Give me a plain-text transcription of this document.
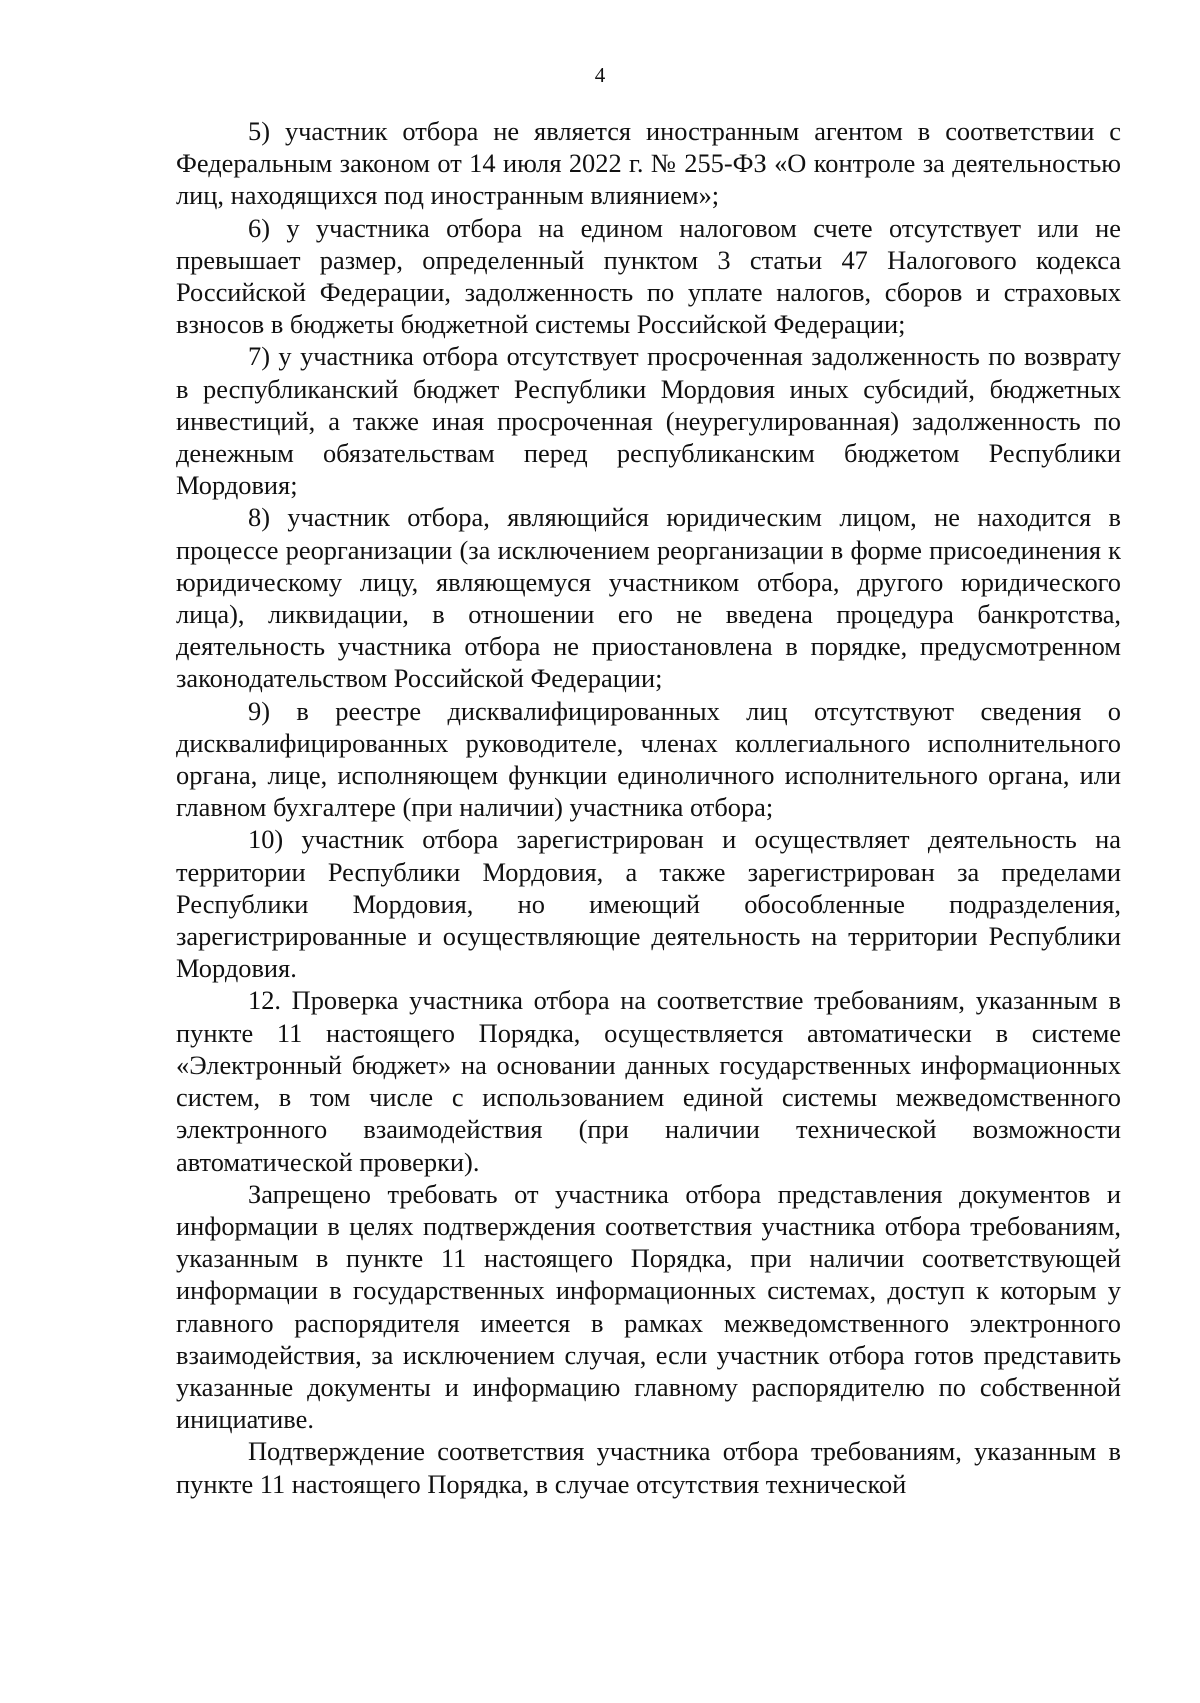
4

5) участник отбора не является иностранным агентом в соответствии с Федеральным законом от 14 июля 2022 г. № 255-ФЗ «О контроле за деятельностью лиц, находящихся под иностранным влиянием»;

6) у участника отбора на едином налоговом счете отсутствует или не превышает размер, определенный пунктом 3 статьи 47 Налогового кодекса Российской Федерации, задолженность по уплате налогов, сборов и страховых взносов в бюджеты бюджетной системы Российской Федерации;

7) у участника отбора отсутствует просроченная задолженность по возврату в республиканский бюджет Республики Мордовия иных субсидий, бюджетных инвестиций, а также иная просроченная (неурегулированная) задолженность по денежным обязательствам перед республиканским бюджетом Республики Мордовия;

8) участник отбора, являющийся юридическим лицом, не находится в процессе реорганизации (за исключением реорганизации в форме присоединения к юридическому лицу, являющемуся участником отбора, другого юридического лица), ликвидации, в отношении его не введена процедура банкротства, деятельность участника отбора не приостановлена в порядке, предусмотренном законодательством Российской Федерации;

9) в реестре дисквалифицированных лиц отсутствуют сведения о дисквалифицированных руководителе, членах коллегиального исполнительного органа, лице, исполняющем функции единоличного исполнительного органа, или главном бухгалтере (при наличии) участника отбора;

10) участник отбора зарегистрирован и осуществляет деятельность на территории Республики Мордовия, а также зарегистрирован за пределами Республики Мордовия, но имеющий обособленные подразделения, зарегистрированные и осуществляющие деятельность на территории Республики Мордовия.

12. Проверка участника отбора на соответствие требованиям, указанным в пункте 11 настоящего Порядка, осуществляется автоматически в системе «Электронный бюджет» на основании данных государственных информационных систем, в том числе с использованием единой системы межведомственного электронного взаимодействия (при наличии технической возможности автоматической проверки).

Запрещено требовать от участника отбора представления документов и информации в целях подтверждения соответствия участника отбора требованиям, указанным в пункте 11 настоящего Порядка, при наличии соответствующей информации в государственных информационных системах, доступ к которым у главного распорядителя имеется в рамках межведомственного электронного взаимодействия, за исключением случая, если участник отбора готов представить указанные документы и информацию главному распорядителю по собственной инициативе.

Подтверждение соответствия участника отбора требованиям, указанным в пункте 11 настоящего Порядка, в случае отсутствия технической
